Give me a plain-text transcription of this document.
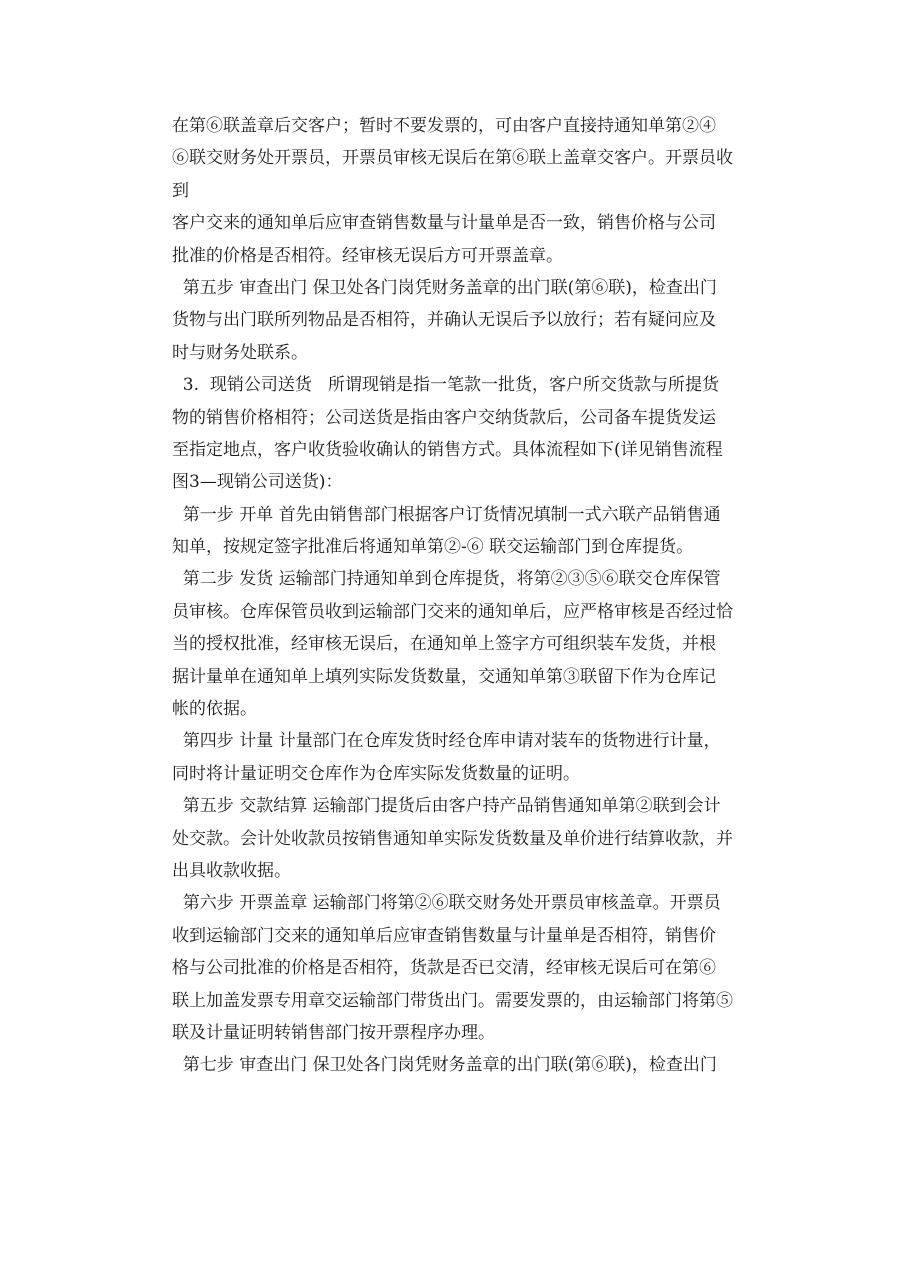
在第⑥联盖章后交客户；暂时不要发票的，可由客户直接持通知单第②④
⑥联交财务处开票员，开票员审核无误后在第⑥联上盖章交客户。开票员收
到
客户交来的通知单后应审查销售数量与计量单是否一致，销售价格与公司
批准的价格是否相符。经审核无误后方可开票盖章。
第五步 审查出门 保卫处各门岗凭财务盖章的出门联(第⑥联)，检查出门
货物与出门联所列物品是否相符，并确认无误后予以放行；若有疑问应及
时与财务处联系。
3.  现销公司送货   所谓现销是指一笔款一批货，客户所交货款与所提货
物的销售价格相符；公司送货是指由客户交纳货款后，公司备车提货发运
至指定地点，客户收货验收确认的销售方式。具体流程如下(详见销售流程
图3—现销公司送货)：
第一步 开单 首先由销售部门根据客户订货情况填制一式六联产品销售通
知单，按规定签字批准后将通知单第②-⑥ 联交运输部门到仓库提货。
第二步 发货 运输部门持通知单到仓库提货，将第②③⑤⑥联交仓库保管
员审核。仓库保管员收到运输部门交来的通知单后，应严格审核是否经过恰
当的授权批准，经审核无误后，在通知单上签字方可组织装车发货，并根
据计量单在通知单上填列实际发货数量，交通知单第③联留下作为仓库记
帐的依据。
第四步 计量 计量部门在仓库发货时经仓库申请对装车的货物进行计量，
同时将计量证明交仓库作为仓库实际发货数量的证明。
第五步 交款结算 运输部门提货后由客户持产品销售通知单第②联到会计
处交款。会计处收款员按销售通知单实际发货数量及单价进行结算收款，并
出具收款收据。
第六步 开票盖章 运输部门将第②⑥联交财务处开票员审核盖章。开票员
收到运输部门交来的通知单后应审查销售数量与计量单是否相符，销售价
格与公司批准的价格是否相符，货款是否已交清，经审核无误后可在第⑥
联上加盖发票专用章交运输部门带货出门。需要发票的，由运输部门将第⑤
联及计量证明转销售部门按开票程序办理。
第七步 审查出门 保卫处各门岗凭财务盖章的出门联(第⑥联)，检查出门
